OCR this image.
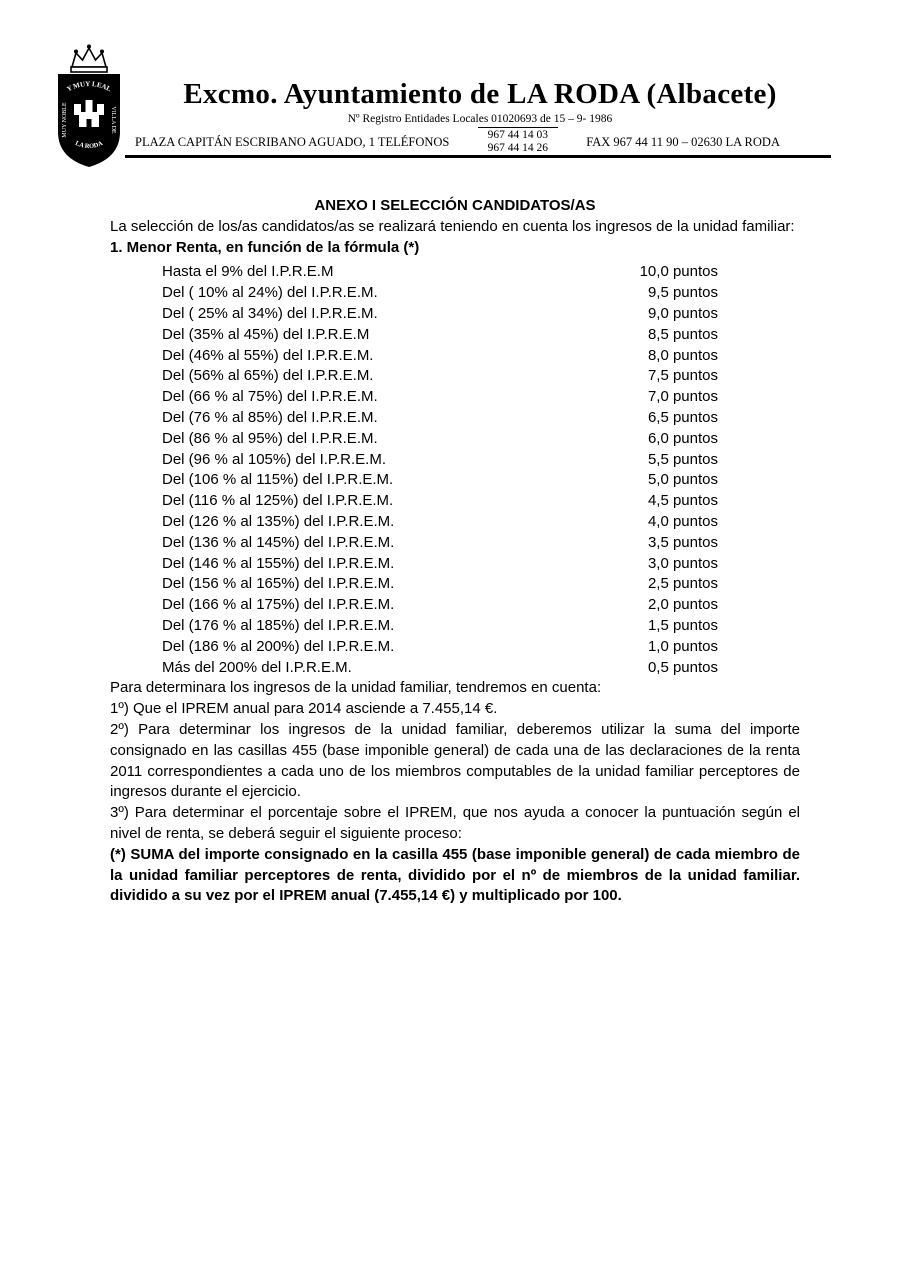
Y MUY LEAL
MUY NOBLE	VILLA DE
LA RODA
Excmo. Ayuntamiento de LA RODA (Albacete)
Nº Registro Entidades Locales 01020693 de 15 – 9- 1986
PLAZA CAPITÁN ESCRIBANO AGUADO, 1 TELÉFONOS	967 44 14 03
967 44 14 26	FAX 967 44 11 90 – 02630 LA RODA

ANEXO I SELECCIÓN CANDIDATOS/AS

La selección de los/as candidatos/as se realizará teniendo en cuenta los ingresos de la unidad familiar:

1. Menor Renta, en función de la fórmula (*)

Hasta el 9% del I.P.R.E.M	10,0 puntos
Del ( 10% al 24%) del I.P.R.E.M.	9,5 puntos
Del ( 25% al 34%) del I.P.R.E.M.	9,0 puntos
Del (35% al 45%) del I.P.R.E.M	8,5 puntos
Del (46% al 55%) del I.P.R.E.M.	8,0 puntos
Del (56% al 65%) del I.P.R.E.M.	7,5 puntos
Del (66 % al 75%) del I.P.R.E.M.	7,0 puntos
Del (76 % al 85%) del I.P.R.E.M.	6,5 puntos
Del (86 % al 95%) del I.P.R.E.M.	6,0 puntos
Del (96 % al 105%) del I.P.R.E.M.	5,5 puntos
Del (106 % al 115%) del I.P.R.E.M.	5,0 puntos
Del (116 % al 125%) del I.P.R.E.M.	4,5 puntos
Del (126 % al 135%) del I.P.R.E.M.	4,0 puntos
Del (136 % al 145%) del I.P.R.E.M.	3,5 puntos
Del (146 % al 155%) del I.P.R.E.M.	3,0 puntos
Del (156 % al 165%) del I.P.R.E.M.	2,5 puntos
Del (166 % al 175%) del I.P.R.E.M.	2,0 puntos
Del (176 % al 185%) del I.P.R.E.M.	1,5 puntos
Del (186 % al 200%) del I.P.R.E.M.	1,0 puntos
Más del 200% del I.P.R.E.M.	0,5 puntos

Para determinara los ingresos de la unidad familiar, tendremos en cuenta:

1º) Que el IPREM anual para 2014 asciende a 7.455,14 €.

2º) Para determinar los ingresos de la unidad familiar, deberemos utilizar la suma del importe consignado en las casillas 455 (base imponible general) de cada una de las declaraciones de la renta 2011 correspondientes a cada uno de los miembros computables de la unidad familiar perceptores de ingresos durante el ejercicio.

3º) Para determinar el porcentaje sobre el IPREM, que nos ayuda a conocer la puntuación según el nivel de renta, se deberá seguir el siguiente proceso:

(*) SUMA del importe consignado en la casilla 455 (base imponible general) de cada miembro de la unidad familiar perceptores de renta, dividido por el nº de miembros de la unidad familiar. dividido a su vez por el IPREM anual (7.455,14 €) y multiplicado por 100.
